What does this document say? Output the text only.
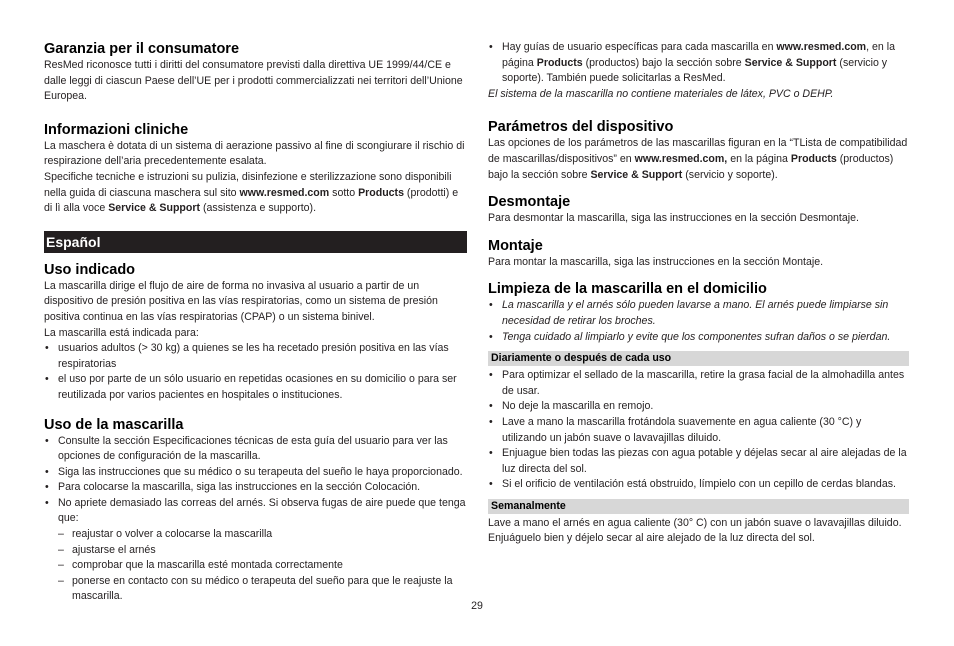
Garanzia per il consumatore

ResMed riconosce tutti i diritti del consumatore previsti dalla direttiva UE 1999/44/CE e dalle leggi di ciascun Paese dell’UE per i prodotti commercializzati nei territori dell’Unione Europea.

Informazioni cliniche

La maschera è dotata di un sistema di aerazione passivo al fine di scongiurare il rischio di respirazione dell’aria precedentemente esalata.

Specifiche tecniche e istruzioni su pulizia, disinfezione e sterilizzazione sono disponibili nella guida di ciascuna maschera sul sito www.resmed.com sotto Products (prodotti) e di lì alla voce Service & Support (assistenza e supporto).

Español
Uso indicado

La mascarilla dirige el flujo de aire de forma no invasiva al usuario a partir de un dispositivo de presión positiva en las vías respiratorias, como un sistema de presión positiva continua en las vías respiratorias (CPAP) o un sistema binivel.

La mascarilla está indicada para:

• usuarios adultos (> 30 kg) a quienes se les ha recetado presión positiva en las vías respiratorias
• el uso por parte de un sólo usuario en repetidas ocasiones en su domicilio o para ser reutilizada por varios pacientes en hospitales o instituciones.
Uso de la mascarilla
• Consulte la sección Especificaciones técnicas de esta guía del usuario para ver las opciones de configuración de la mascarilla.
• Siga las instrucciones que su médico o su terapeuta del sueño le haya proporcionado.
• Para colocarse la mascarilla, siga las instrucciones en la sección Colocación.
• No apriete demasiado las correas del arnés. Si observa fugas de aire puede que tenga que:
– reajustar o volver a colocarse la mascarilla
– ajustarse el arnés
– comprobar que la mascarilla esté montada correctamente
– ponerse en contacto con su médico o terapeuta del sueño para que le reajuste la mascarilla.
• Hay guías de usuario específicas para cada mascarilla en www.resmed.com, en la página Products (productos) bajo la sección sobre Service & Support (servicio y soporte). También puede solicitarlas a ResMed.

El sistema de la mascarilla no contiene materiales de látex, PVC o DEHP.

Parámetros del dispositivo

Las opciones de los parámetros de las mascarillas figuran en la “TLista de compatibilidad de mascarillas/dispositivos” en www.resmed.com, en la página Products (productos) bajo la sección sobre Service & Support (servicio y soporte).

Desmontaje

Para desmontar la mascarilla, siga las instrucciones en la sección Desmontaje.

Montaje

Para montar la mascarilla, siga las instrucciones en la sección Montaje.

Limpieza de la mascarilla en el domicilio
• La mascarilla y el arnés sólo pueden lavarse a mano. El arnés puede limpiarse sin necesidad de retirar los broches.
• Tenga cuidado al limpiarlo y evite que los componentes sufran daños o se pierdan.
Diariamente o después de cada uso
• Para optimizar el sellado de la mascarilla, retire la grasa facial de la almohadilla antes de usar.
• No deje la mascarilla en remojo.
• Lave a mano la mascarilla frotándola suavemente en agua caliente (30 °C) y utilizando un jabón suave o lavavajillas diluido.
• Enjuague bien todas las piezas con agua potable y déjelas secar al aire alejadas de la luz directa del sol.
• Si el orificio de ventilación está obstruido, límpielo con un cepillo de cerdas blandas.
Semanalmente

Lave a mano el arnés en agua caliente (30° C) con un jabón suave o lavavajillas diluido. Enjuáguelo bien y déjelo secar al aire alejado de la luz directa del sol.

29
